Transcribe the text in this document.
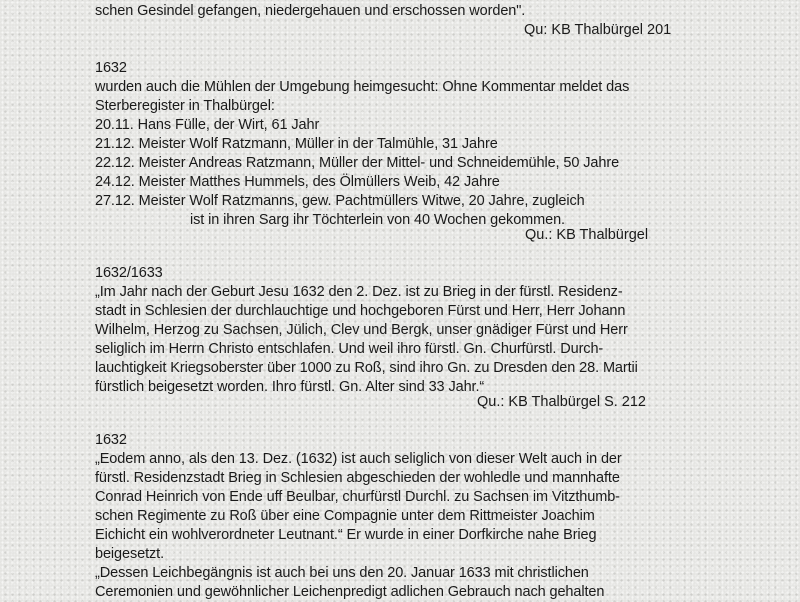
schen Gesindel gefangen, niedergehauen und erschossen worden".
Qu: KB Thalbürgel 201
1632
wurden auch die Mühlen der Umgebung heimgesucht: Ohne Kommentar meldet das
Sterberegister in Thalbürgel:
20.11. Hans Fülle, der Wirt, 61 Jahr
21.12. Meister Wolf Ratzmann, Müller in der Talmühle, 31 Jahre
22.12. Meister Andreas Ratzmann, Müller der Mittel- und Schneidemühle, 50 Jahre
24.12. Meister Matthes Hummels, des Ölmüllers Weib, 42 Jahre
27.12. Meister Wolf Ratzmanns, gew. Pachtmüllers Witwe, 20 Jahre, zugleich
ist in ihren Sarg ihr Töchterlein von 40 Wochen gekommen.
Qu.: KB Thalbürgel
1632/1633
„Im Jahr nach der Geburt Jesu 1632 den 2. Dez. ist zu Brieg in der fürstl. Residenz-
stadt in Schlesien der durchlauchtige und hochgeboren Fürst und Herr, Herr Johann
Wilhelm, Herzog zu Sachsen, Jülich, Clev und Bergk, unser gnädiger Fürst und Herr
seliglich im Herrn Christo entschlafen. Und weil ihro fürstl. Gn. Churfürstl. Durch-
lauchtigkeit Kriegsoberster über 1000 zu Roß, sind ihro Gn. zu Dresden den 28. Martii
fürstlich beigesetzt worden. Ihro fürstl. Gn. Alter sind 33 Jahr.“
Qu.: KB Thalbürgel S. 212
1632
„Eodem anno, als den 13. Dez. (1632) ist auch seliglich von dieser Welt auch in der
fürstl. Residenzstadt Brieg in Schlesien abgeschieden der wohledle und mannhafte
Conrad Heinrich von Ende uff Beulbar, churfürstl Durchl. zu Sachsen im Vitzthumb-
schen Regimente zu Roß über eine Compagnie unter dem Rittmeister Joachim
Eichicht ein wohlverordneter Leutnant.“ Er wurde in einer Dorfkirche nahe Brieg
beigesetzt.
„Dessen Leichbegängnis ist auch bei uns den 20. Januar 1633 mit christlichen
Ceremonien und gewöhnlicher Leichenpredigt adlichen Gebrauch nach gehalten
